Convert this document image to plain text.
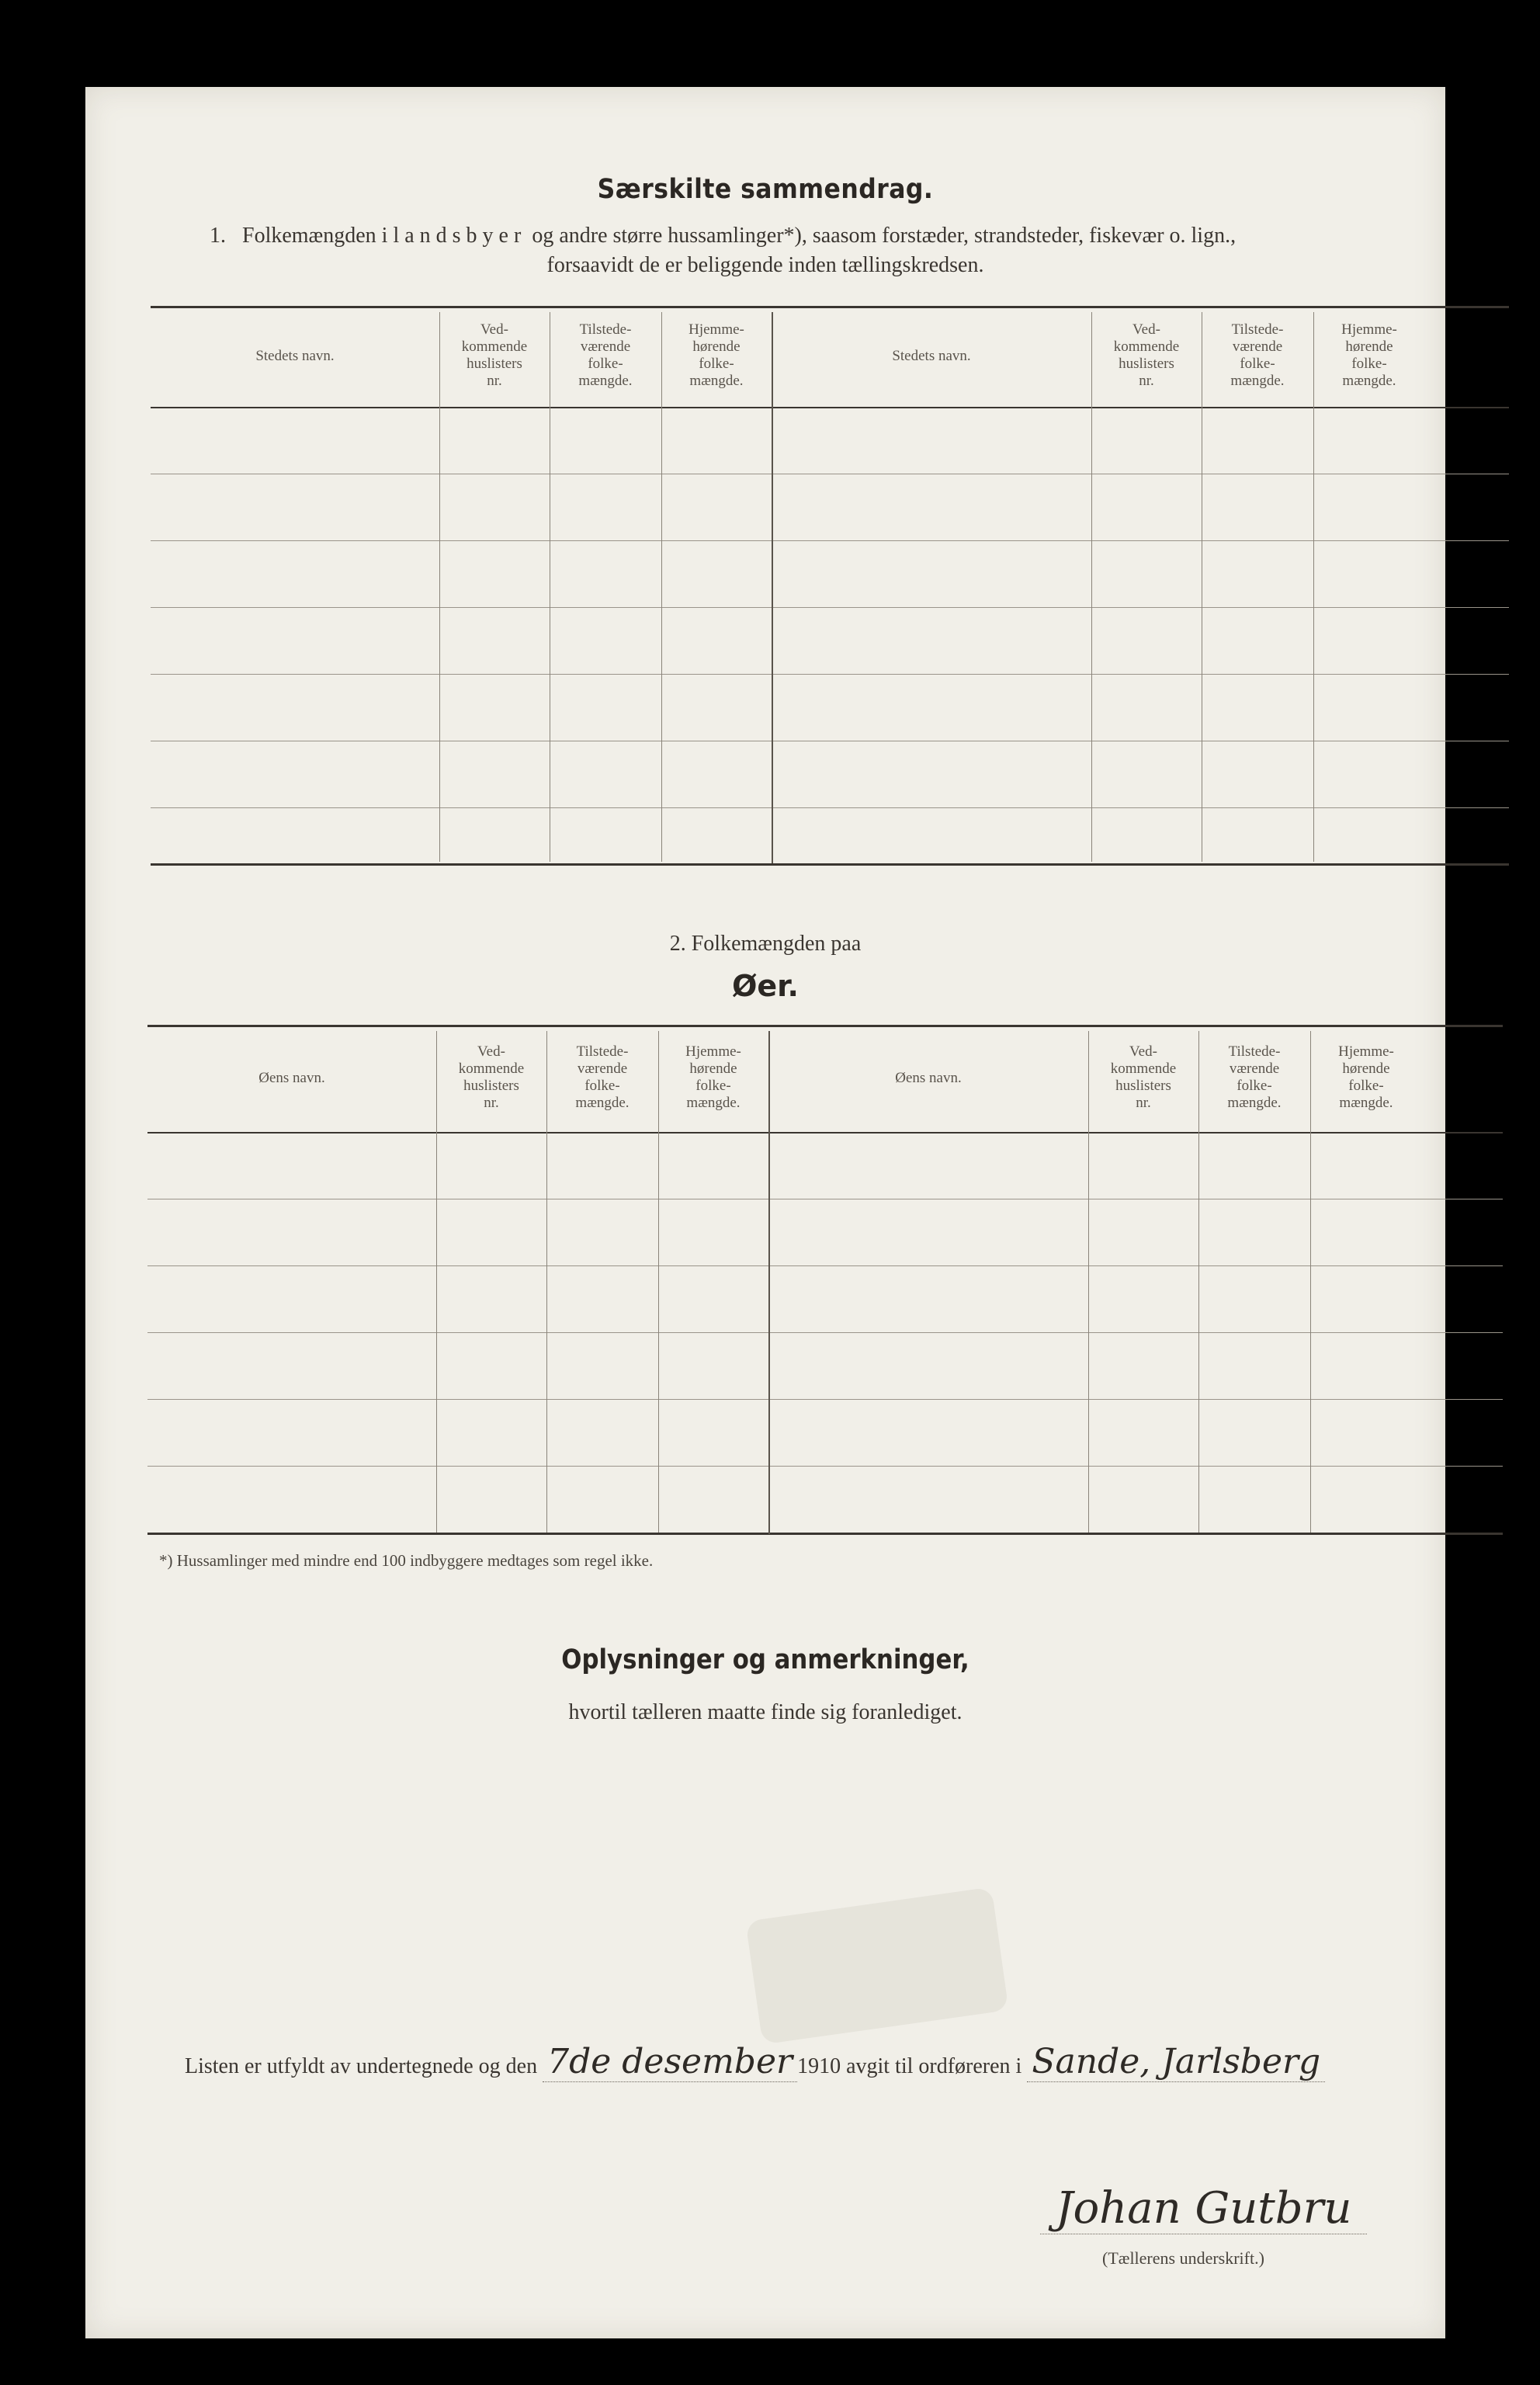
Særskilte sammendrag.
1. Folkemængden i landsbyer og andre større hussamlinger*), saasom forstæder, strandsteder, fiskevær o. lign.,
forsaavidt de er beliggende inden tællingskredsen.
Stedets navn.
Ved-
kommende
huslisters
nr.
Tilstede-
værende
folke-
mængde.
Hjemme-
hørende
folke-
mængde.
Stedets navn.
Ved-
kommende
huslisters
nr.
Tilstede-
værende
folke-
mængde.
Hjemme-
hørende
folke-
mængde.
2. Folkemængden paa
Øer.
Øens navn.
Ved-
kommende
huslisters
nr.
Tilstede-
værende
folke-
mængde.
Hjemme-
hørende
folke-
mængde.
Øens navn.
Ved-
kommende
huslisters
nr.
Tilstede-
værende
folke-
mængde.
Hjemme-
hørende
folke-
mængde.
*) Hussamlinger med mindre end 100 indbyggere medtages som regel ikke.
Oplysninger og anmerkninger,
hvortil tælleren maatte finde sig foranlediget.
Listen er utfyldt av undertegnede og den 7de desember 1910 avgit til ordføreren i Sande, Jarlsberg
Johan Gutbru
(Tællerens underskrift.)
